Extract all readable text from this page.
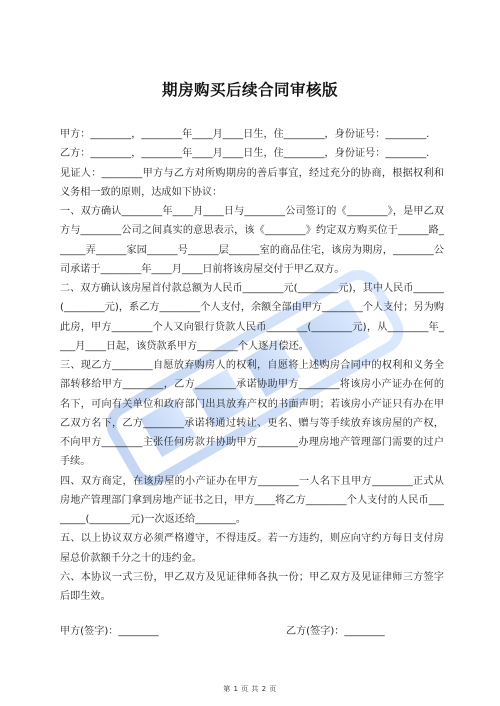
期房购买后续合同审核版

甲方：________，________年____月____日生，住________，身份证号：________.

乙方：________，________年____月____日生，住________，身份证号：________.

见证人：________甲方与乙方对所购期房的善后事宜，经过充分的协商，根据权利和义务相一致的原则，达成如下协议：

一、双方确认________年____月____日与________公司签订的《________》，是甲乙双方与________公司之间真实的意思表示，该《________》约定双方购买位于______路______弄______家园______号______层______室的商品住宅，该房为期房，________公司承诺于________年____月____日前将该房屋交付于甲乙双方。

二、双方确认该房屋首付款总额为人民币________元(________元)，其中人民币______(________元)，系乙方________个人支付，余额全部由甲方________个人支付；另为购此房，甲方________个人又向银行贷款人民币________(________元)，从________年____月____日起，该贷款系甲方________个人逐月偿还。

三、现乙方________自愿放弃购房人的权利，自愿将上述购房合同中的权利和义务全部转移给甲方________，乙方________承诺协助甲方________将该房小产证办在何的名下，可向有关单位和政府部门出具放弃产权的书面声明；若该房小产证只有办在甲乙双方名下，乙方________承诺将通过转让、更名、赠与等手续放弃该房屋的产权，不向甲方________主张任何房款并协助甲方________办理房地产管理部门需要的过户手续。

四、双方商定，在该房屋的小产证办在甲方________一人名下且甲方________正式从房地产管理部门拿到房地产证书之日，甲方____将乙方________个人支付的人民币________(________元)一次返还给________。

五、以上协议双方必须严格遵守，不得违反。若一方违约，则应向守约方每日支付房屋总价款额千分之十的违约金。

六、本协议一式三份，甲乙双方及见证律师各执一份；甲乙双方及见证律师三方签字后即生效。

甲方(签字)：________	乙方(签字)：________
第 1 页 共 2 页
